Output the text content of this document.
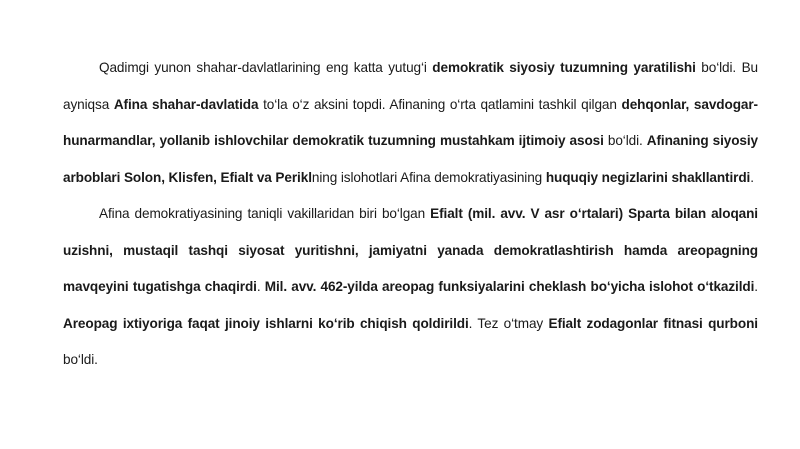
Qadimgi yunon shahar-davlatlarining eng katta yutug‘i demokratik siyosiy tuzumning yaratilishi bo‘ldi. Bu ayniqsa Afina shahar-davlatida to‘la o‘z aksini topdi. Afinaning o‘rta qatlamini tashkil qilgan dehqonlar, savdogar-hunarmandlar, yollanib ishlovchilar demokratik tuzumning mustahkam ijtimoiy asosi bo‘ldi. Afinaning siyosiy arboblari Solon, Klisfen, Efialt va Periklning islohotlari Afina demokratiyasining huquqiy negizlarini shakllantirdi.

Afina demokratiyasining taniqli vakillaridan biri bo‘lgan Efialt (mil. avv. V asr o‘rtalari) Sparta bilan aloqani uzishni, mustaqil tashqi siyosat yuritishni, jamiyatni yanada demokratlashtirish hamda areopagning mavqeyini tugatishga chaqirdi. Mil. avv. 462-yilda areopag funksiyalarini cheklash bo‘yicha islohot o‘tkazildi. Areopag ixtiyoriga faqat jinoiy ishlarni ko‘rib chiqish qoldirildi. Tez o‘tmay Efialt zodagonlar fitnasi qurboni bo‘ldi.
